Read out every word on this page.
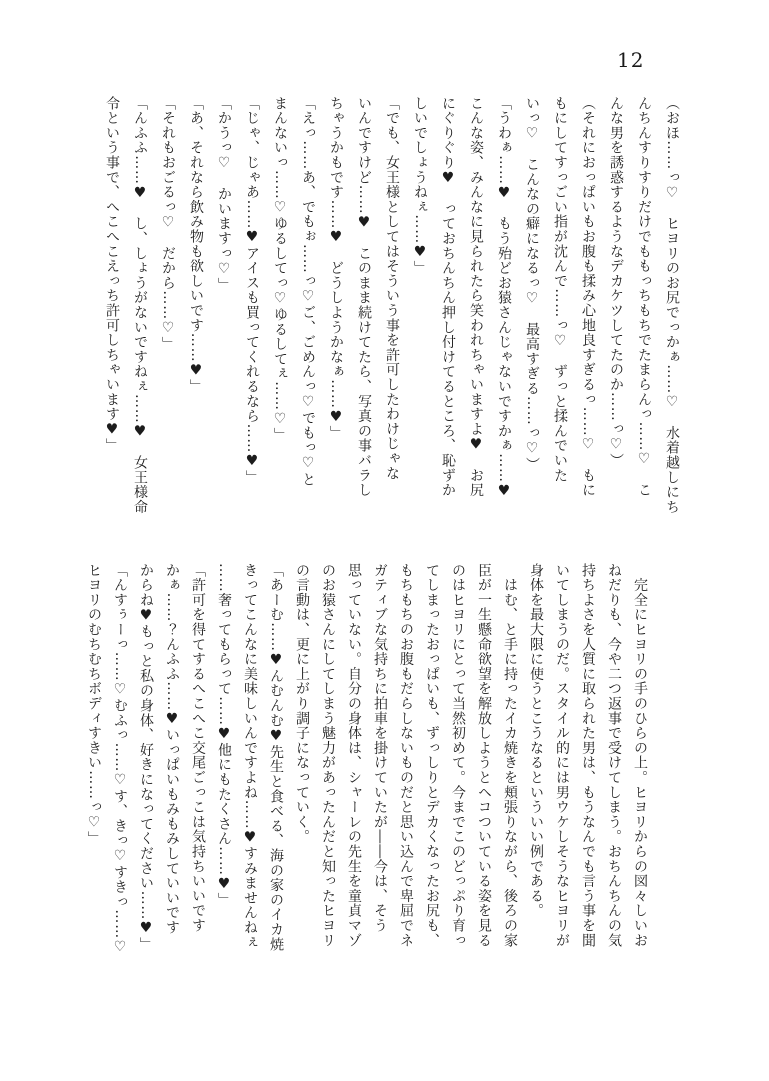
12
（おほ……っ♡　ヒヨリのお尻でっかぁ……♡　水着越しにち
んちんすりすりだけでももっちもちでたまらんっ……♡　こ
んな男を誘惑するようなデカケツしてたのか……っ♡）
（それにおっぱいもお腹も揉み心地良すぎるっ……♡　もに
もにしてすっごい指が沈んで……っ♡　ずっと揉んでいた
いっ♡　こんなの癖になるっ♡　最高すぎる……っ♡）
「うわぁ……♥　もう殆どお猿さんじゃないですかぁ……♥
こんな姿、みんなに見られたら笑われちゃいますよ♥　お尻
にぐりぐり♥　っておちんちん押し付けてるところ、恥ずか
しいでしょうねぇ……♥」
「でも、女王様としてはそういう事を許可したわけじゃな
いんですけど……♥　このまま続けてたら、写真の事バラし
ちゃうかもです……♥　どうしようかなぁ……♥」
「えっ……あ、でもぉ……っ♡ご、ごめんっ♡でもっ♡と
まんないっ……♡ゆるしてっ♡ゆるしてぇ……♡」
「じゃ、じゃあ……♥アイスも買ってくれるなら……♥」
「かうっ♡　かいますっ♡」
「あ、それなら飲み物も欲しいです……♥」
「それもおごるっ♡　だから……♡」
「んふふ……♥　し、しょうがないですねぇ……♥　女王様命
令という事で、へこへこえっち許可しちゃいます♥」
　完全にヒヨリの手のひらの上。ヒヨリからの図々しいお
ねだりも、今や二つ返事で受けてしまう。おちんちんの気
持ちよさを人質に取られた男は、もうなんでも言う事を聞
いてしまうのだ。スタイル的には男ウケしそうなヒヨリが
身体を最大限に使うとこうなるといういい例である。
　はむ、と手に持ったイカ焼きを頬張りながら、後ろの家
臣が一生懸命欲望を解放しようとヘコついている姿を見る
のはヒヨリにとって当然初めて。今までこのどっぷり育っ
てしまったおっぱいも、ずっしりとデカくなったお尻も、
もちもちのお腹もだらしないものだと思い込んで卑屈でネ
ガティブな気持ちに拍車を掛けていたが――今は、そう
思っていない。自分の身体は、シャーレの先生を童貞マゾ
のお猿さんにしてしまう魅力があったんだと知ったヒヨリ
の言動は、更に上がり調子になっていく。
「あーむ……♥んむんむ♥先生と食べる、海の家のイカ焼
きってこんなに美味しいんですよね……♥すみませんねぇ
……奢ってもらって……♥他にもたくさん……♥」
「許可を得てするへこへこ交尾ごっこは気持ちいいです
かぁ……？んふふ……♥いっぱいもみもみしていいです
からね♥もっと私の身体、好きになってください……♥」
「んすぅーっ……♡むふっ……♡す、きっ♡すきっ……♡
ヒヨリのむちむちボディすきい……っ♡」
